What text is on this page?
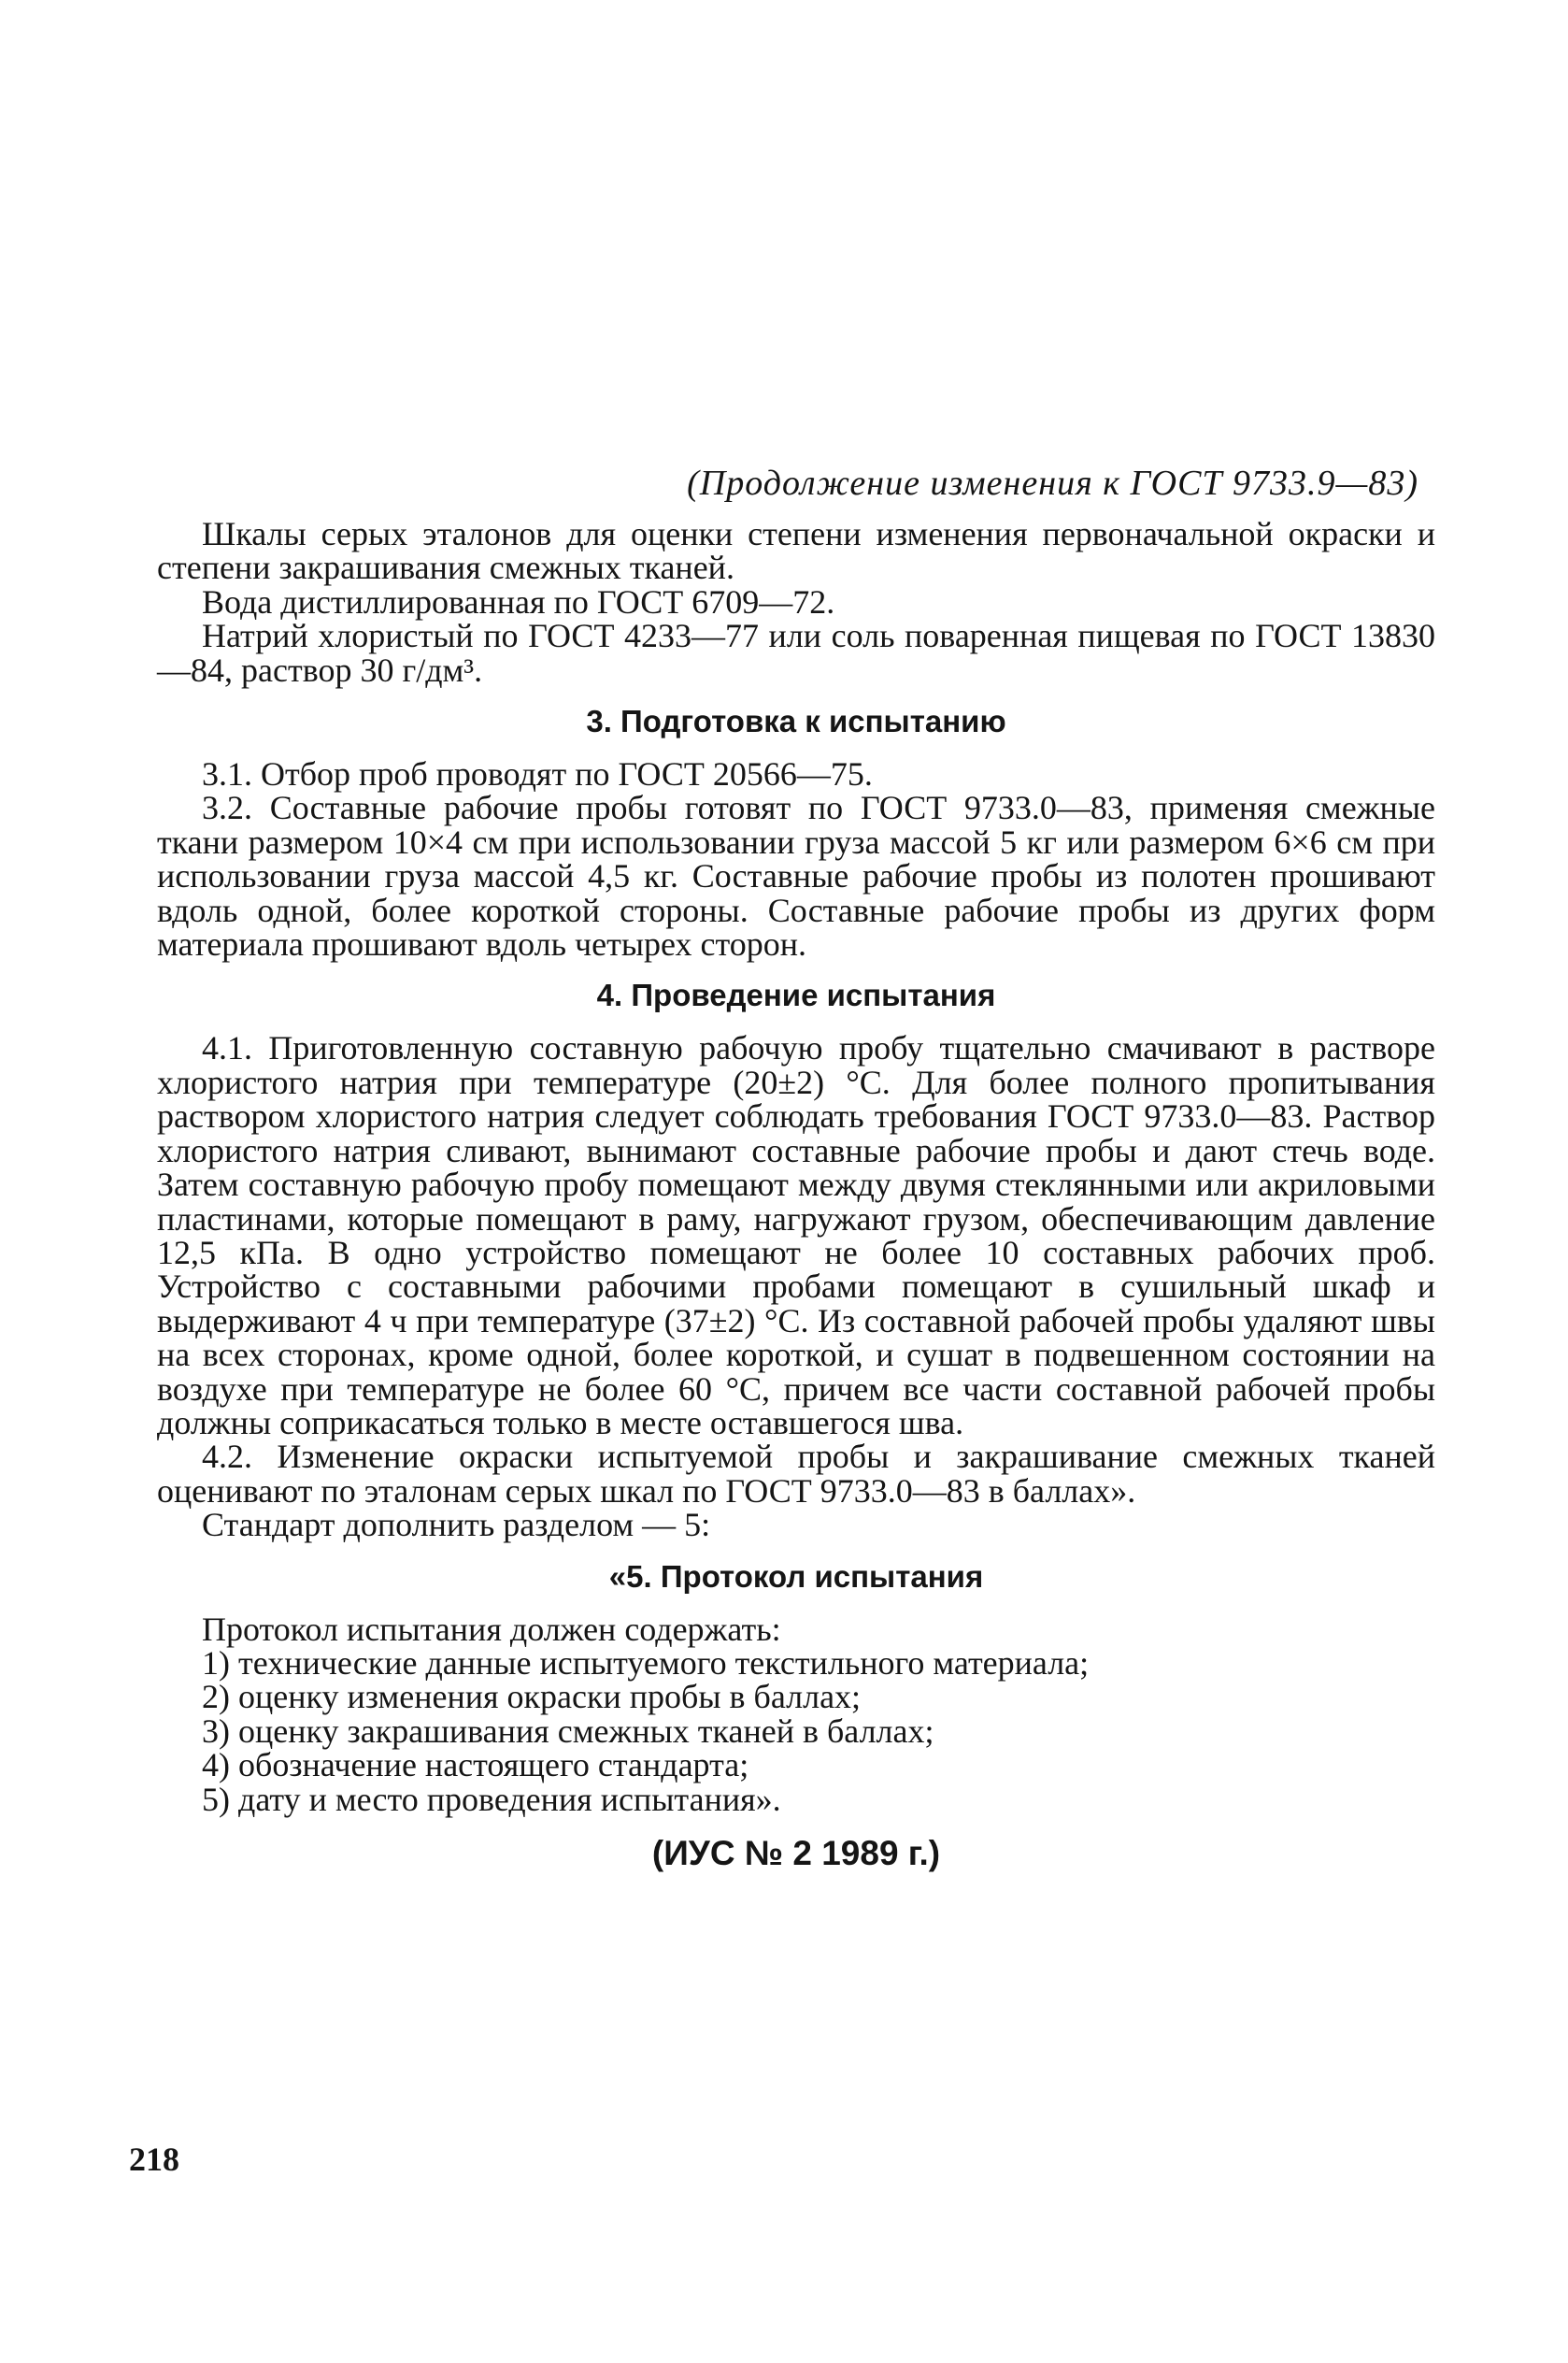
(Продолжение изменения к ГОСТ 9733.9—83)

Шкалы серых эталонов для оценки степени изменения первоначальной окраски и степени закрашивания смежных тканей.

Вода дистиллированная по ГОСТ 6709—72.

Натрий хлористый по ГОСТ 4233—77 или соль поваренная пищевая по ГОСТ 13830—84, раствор 30 г/дм³.

3. Подготовка к испытанию

3.1. Отбор проб проводят по ГОСТ 20566—75.

3.2. Составные рабочие пробы готовят по ГОСТ 9733.0—83, применяя смежные ткани размером 10×4 см при использовании груза массой 5 кг или размером 6×6 см при использовании груза массой 4,5 кг. Составные рабочие пробы из полотен прошивают вдоль одной, более короткой стороны. Составные рабочие пробы из других форм материала прошивают вдоль четырех сторон.

4. Проведение испытания

4.1. Приготовленную составную рабочую пробу тщательно смачивают в растворе хлористого натрия при температуре (20±2) °С. Для более полного пропитывания раствором хлористого натрия следует соблюдать требования ГОСТ 9733.0—83. Раствор хлористого натрия сливают, вынимают составные рабочие пробы и дают стечь воде. Затем составную рабочую пробу помещают между двумя стеклянными или акриловыми пластинами, которые помещают в раму, нагружают грузом, обеспечивающим давление 12,5 кПа. В одно устройство помещают не более 10 составных рабочих проб. Устройство с составными рабочими пробами помещают в сушильный шкаф и выдерживают 4 ч при температуре (37±2) °С. Из составной рабочей пробы удаляют швы на всех сторонах, кроме одной, более короткой, и сушат в подвешенном состоянии на воздухе при температуре не более 60 °С, причем все части составной рабочей пробы должны соприкасаться только в месте оставшегося шва.

4.2. Изменение окраски испытуемой пробы и закрашивание смежных тканей оценивают по эталонам серых шкал по ГОСТ 9733.0—83 в баллах».

Стандарт дополнить разделом — 5:

«5. Протокол испытания

Протокол испытания должен содержать:

1) технические данные испытуемого текстильного материала;
2) оценку изменения окраски пробы в баллах;
3) оценку закрашивания смежных тканей в баллах;
4) обозначение настоящего стандарта;
5) дату и место проведения испытания».
(ИУС № 2 1989 г.)
218
